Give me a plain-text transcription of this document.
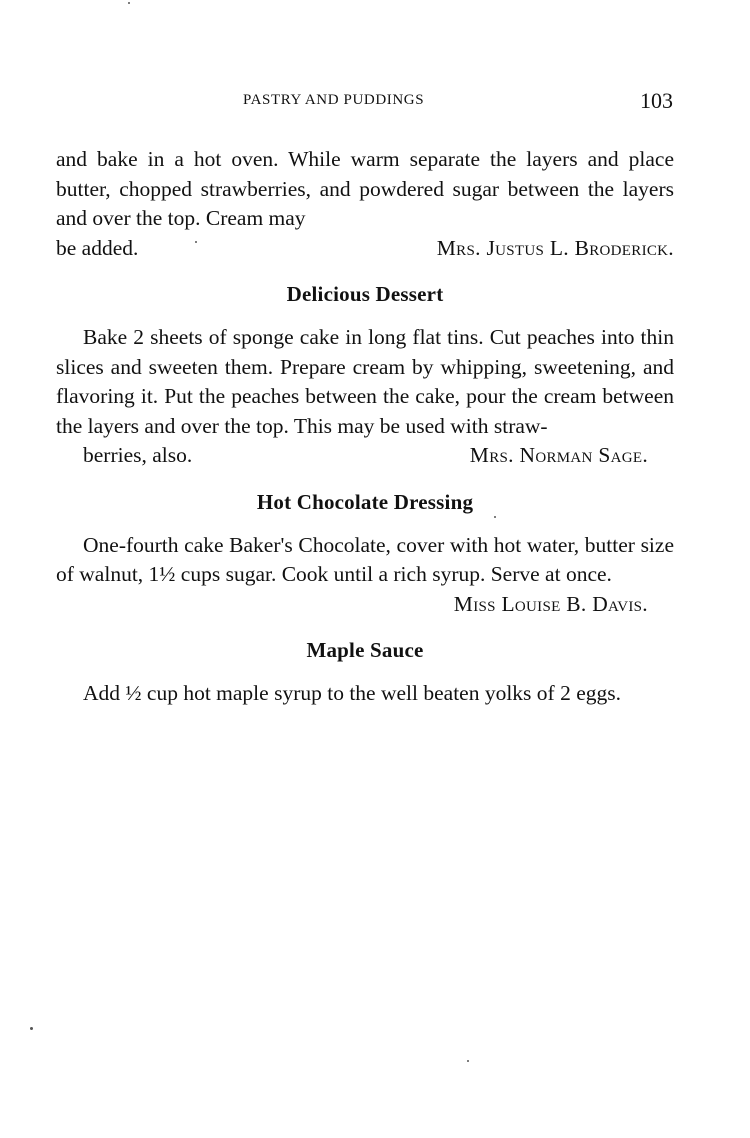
PASTRY AND PUDDINGS	103

and bake in a hot oven. While warm separate the layers and place butter, chopped strawberries, and powdered sugar between the layers and over the top. Cream may
be added.	Mrs. Justus L. Broderick.

Delicious Dessert

Bake 2 sheets of sponge cake in long flat tins. Cut peaches into thin slices and sweeten them. Prepare cream by whipping, sweetening, and flavoring it. Put the peaches between the cake, pour the cream between the layers and over the top. This may be used with straw-
berries, also.	Mrs. Norman Sage.

Hot Chocolate Dressing

One-fourth cake Baker's Chocolate, cover with hot water, butter size of walnut, 1½ cups sugar. Cook until a rich syrup. Serve at once.

Miss Louise B. Davis.
Maple Sauce

Add ½ cup hot maple syrup to the well beaten yolks of 2 eggs.
